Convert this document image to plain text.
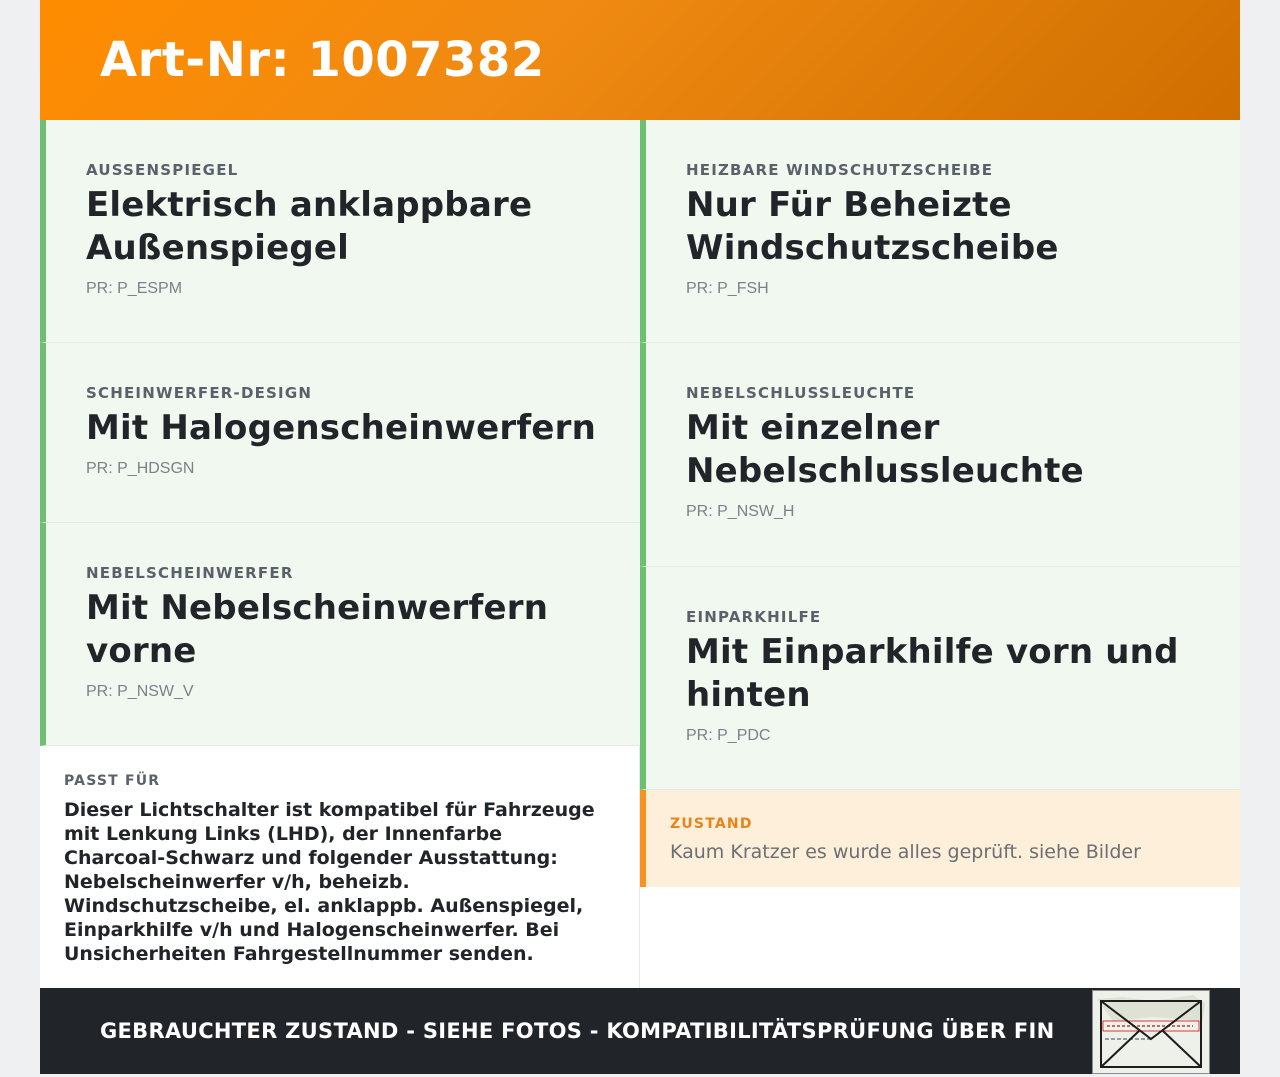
Art-Nr: 1007382
AUSSENSPIEGEL
Elektrisch anklappbare Außenspiegel
PR: P_ESPM
SCHEINWERFER-DESIGN
Mit Halogenscheinwerfern
PR: P_HDSGN
NEBELSCHEINWERFER
Mit Nebelscheinwerfern vorne
PR: P_NSW_V
HEIZBARE WINDSCHUTZSCHEIBE
Nur Für Beheizte Windschutzscheibe
PR: P_FSH
NEBELSCHLUSSLEUCHTE
Mit einzelner Nebelschlussleuchte
PR: P_NSW_H
EINPARKHILFE
Mit Einparkhilfe vorn und hinten
PR: P_PDC
PASST FÜR
Dieser Lichtschalter ist kompatibel für Fahrzeuge mit Lenkung Links (LHD), der Innenfarbe Charcoal-Schwarz und folgender Ausstattung: Nebelscheinwerfer v/h, beheizb. Windschutzscheibe, el. anklappb. Außenspiegel, Einparkhilfe v/h und Halogenscheinwerfer. Bei Unsicherheiten Fahrgestellnummer senden.
ZUSTAND
Kaum Kratzer es wurde alles geprüft. siehe Bilder
GEBRAUCHTER ZUSTAND - SIEHE FOTOS - KOMPATIBILITÄTSPRÜFUNG ÜBER FIN
